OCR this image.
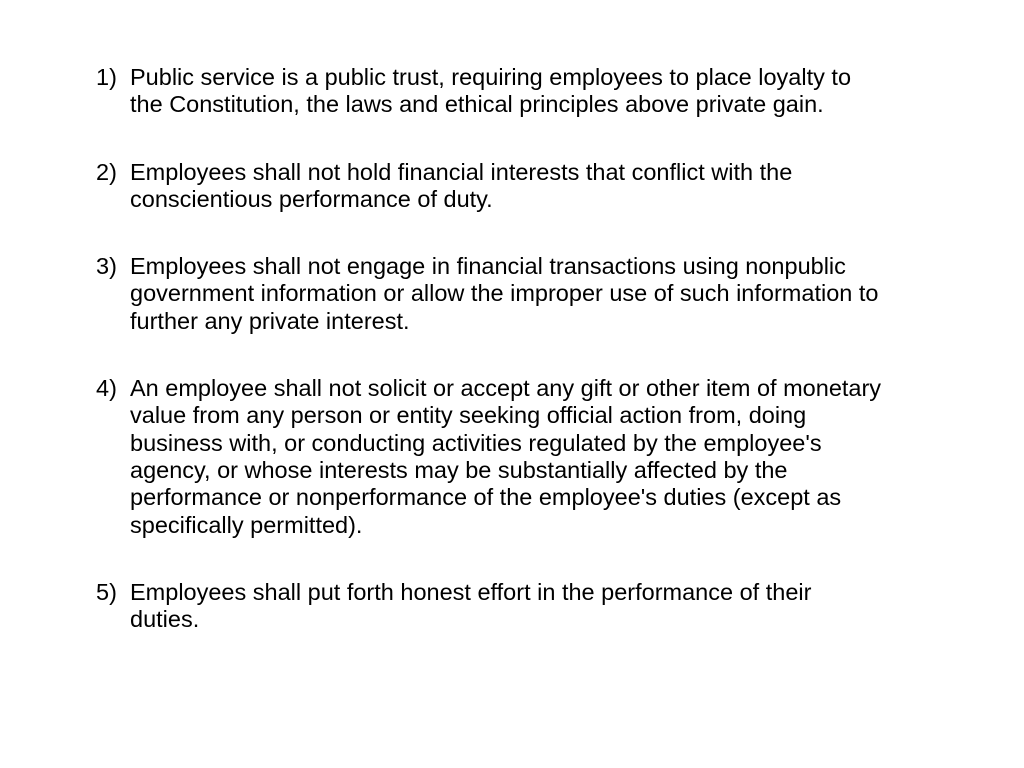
1) Public service is a public trust, requiring employees to place loyalty to the Constitution, the laws and ethical principles above private gain.
2) Employees shall not hold financial interests that conflict with the conscientious performance of duty.
3) Employees shall not engage in financial transactions using nonpublic government information or allow the improper use of such information to further any private interest.
4) An employee shall not solicit or accept any gift or other item of monetary value from any person or entity seeking official action from, doing business with, or conducting activities regulated by the employee's agency, or whose interests may be substantially affected by the performance or nonperformance of the employee's duties (except as specifically permitted).
5) Employees shall put forth honest effort in the performance of their duties.
